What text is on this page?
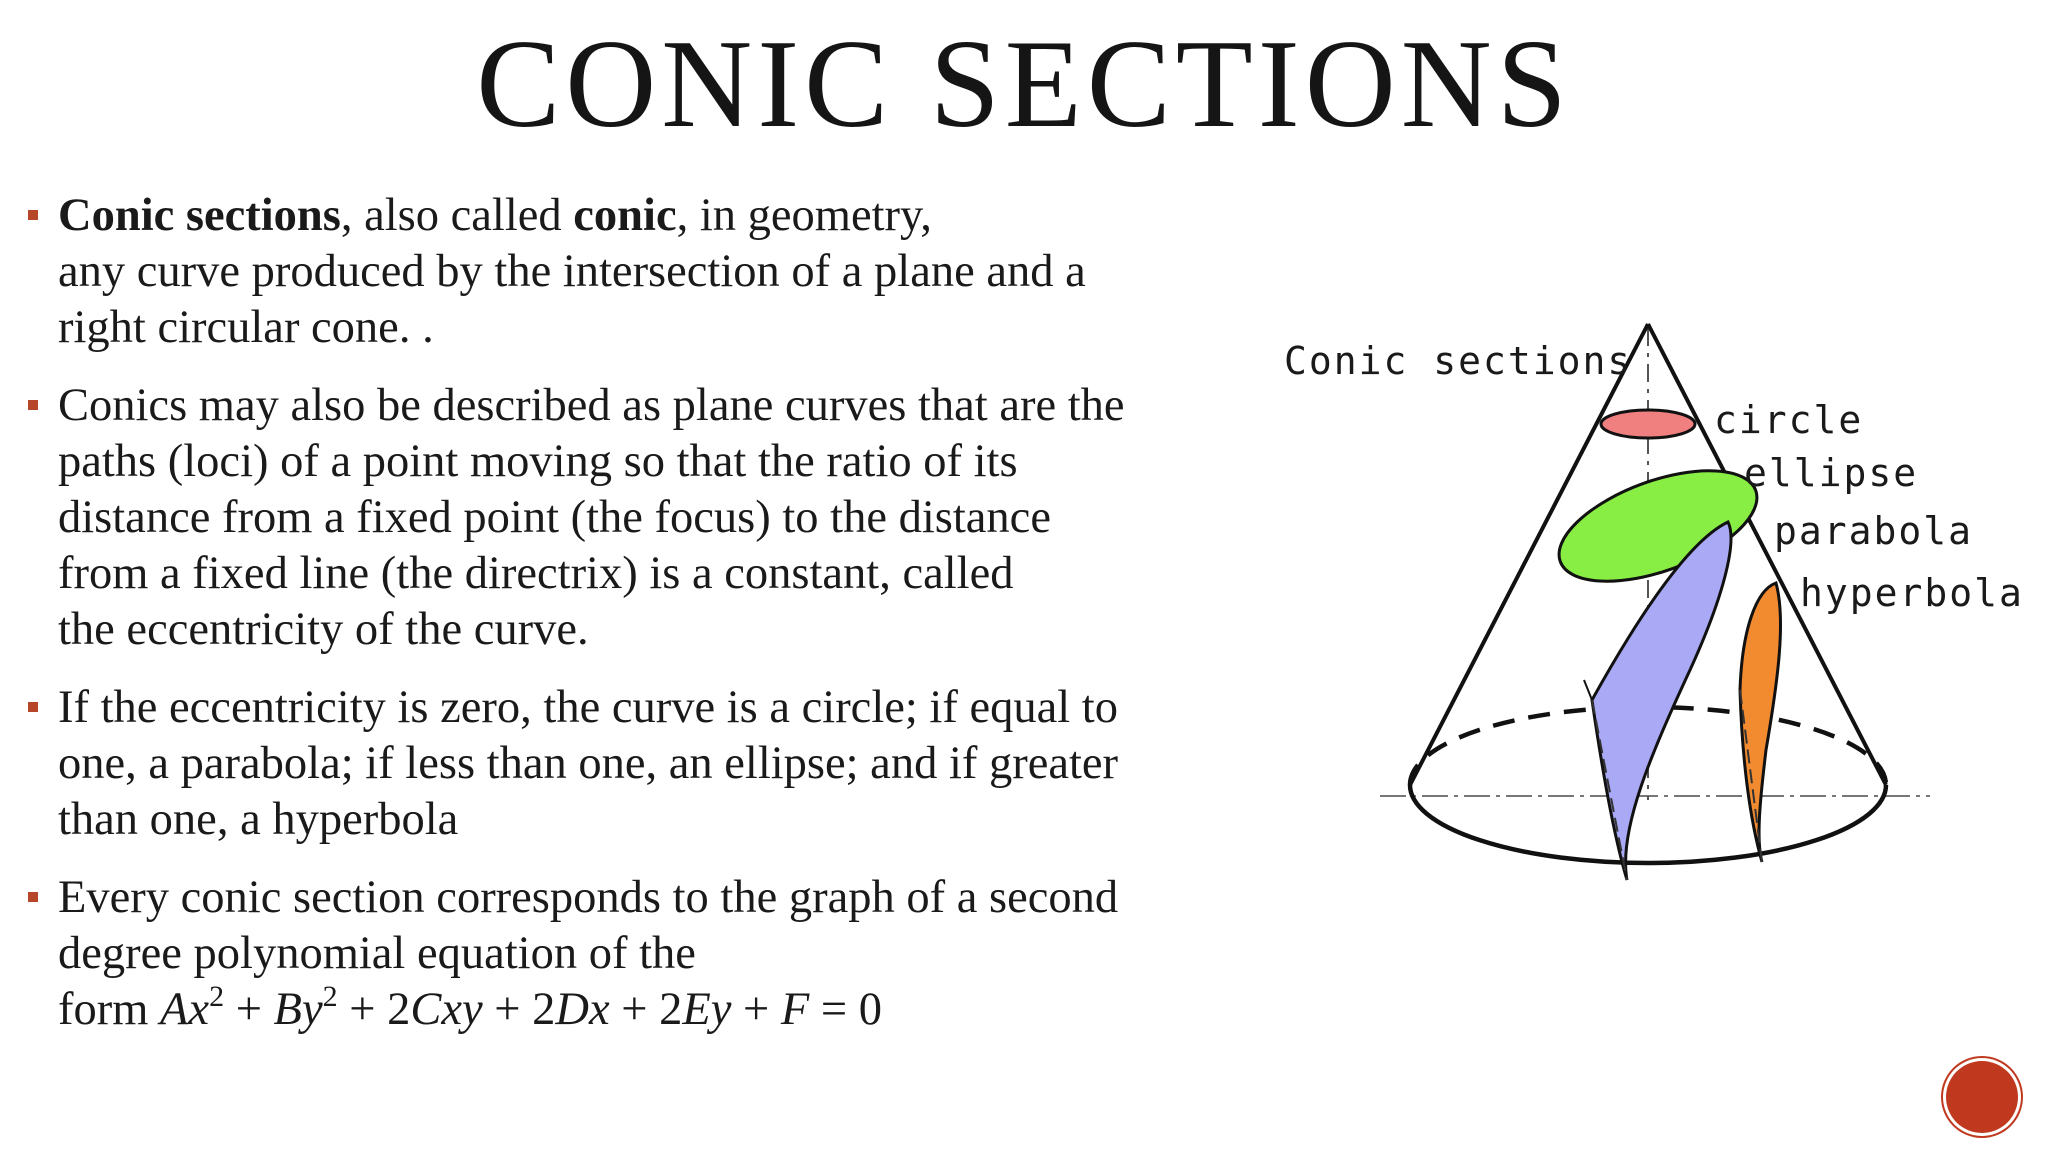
CONIC SECTIONS
Conic sections, also called conic, in geometry,
any curve produced by the intersection of a plane and a
right circular cone. .
Conics may also be described as plane curves that are the
paths (loci) of a point moving so that the ratio of its
distance from a fixed point (the focus) to the distance
from a fixed line (the directrix) is a constant, called
the eccentricity of the curve.
If the eccentricity is zero, the curve is a circle; if equal to
one, a parabola; if less than one, an ellipse; and if greater
than one, a hyperbola
Every conic section corresponds to the graph of a second
degree polynomial equation of the
form $Ax^2 + By^2 + 2Cxy + 2Dx + 2Ey + F = 0$
Conic sections
circle
ellipse
parabola
hyperbola
